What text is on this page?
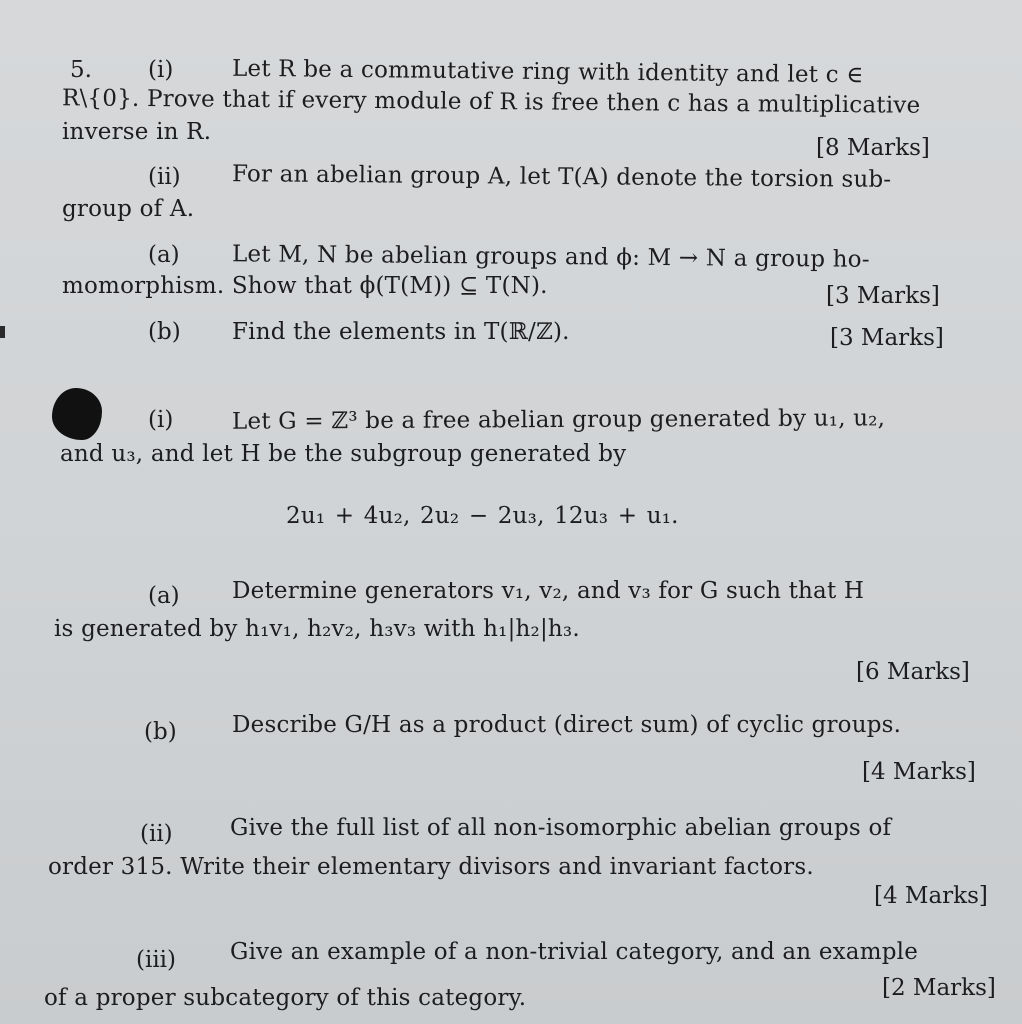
5. (i)	Let R be a commutative ring with identity and let c ∈
R\{0}. Prove that if every module of R is free then c has a multiplicative
inverse in R.
[8 Marks]
(ii) For an abelian group A, let T(A) denote the torsion sub-
group of A.
(a) Let M, N be abelian groups and ϕ: M → N a group ho-
momorphism. Show that ϕ(T(M)) ⊆ T(N).	[3 Marks]
(b) Find the elements in T(ℝ/ℤ).	[3 Marks]
(i)	Let G = ℤ³ be a free abelian group generated by u₁, u₂,
and u₃, and let H be the subgroup generated by
2u₁ + 4u₂, 2u₂ − 2u₃, 12u₃ + u₁.
(a) Determine generators v₁, v₂, and v₃ for G such that H
is generated by h₁v₁, h₂v₂, h₃v₃ with h₁|h₂|h₃.
[6 Marks]
(b) Describe G/H as a product (direct sum) of cyclic groups.
[4 Marks]
(ii) Give the full list of all non-isomorphic abelian groups of
order 315. Write their elementary divisors and invariant factors.
[4 Marks]
(iii) Give an example of a non-trivial category, and an example
of a proper subcategory of this category.	[2 Marks]
